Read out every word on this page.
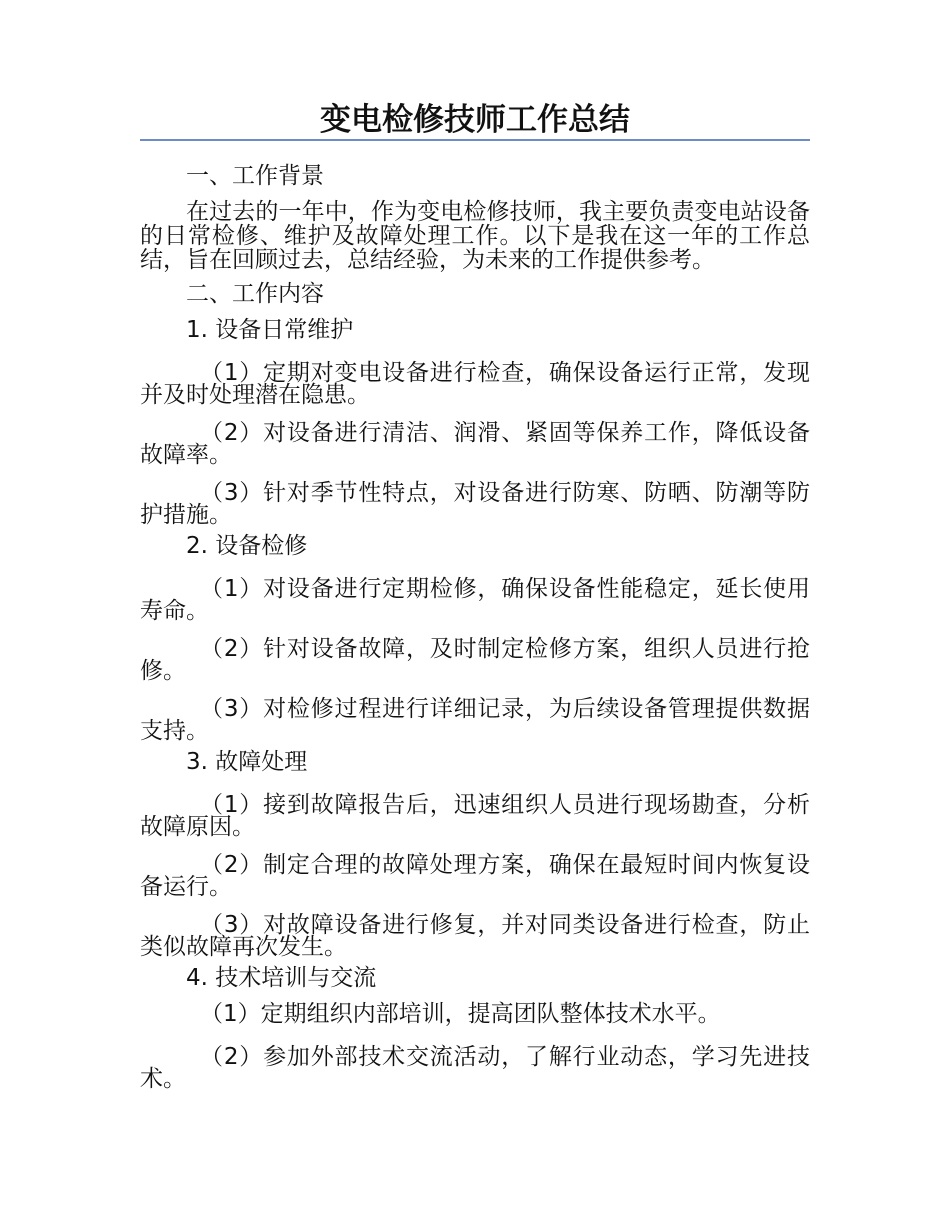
变电检修技师工作总结
一、工作背景
在过去的一年中，作为变电检修技师，我主要负责变电站设备的日常检修、维护及故障处理工作。以下是我在这一年的工作总结，旨在回顾过去，总结经验，为未来的工作提供参考。
二、工作内容
1. 设备日常维护
（1）定期对变电设备进行检查，确保设备运行正常，发现并及时处理潜在隐患。
（2）对设备进行清洁、润滑、紧固等保养工作，降低设备故障率。
（3）针对季节性特点，对设备进行防寒、防晒、防潮等防护措施。
2. 设备检修
（1）对设备进行定期检修，确保设备性能稳定，延长使用寿命。
（2）针对设备故障，及时制定检修方案，组织人员进行抢修。
（3）对检修过程进行详细记录，为后续设备管理提供数据支持。
3. 故障处理
（1）接到故障报告后，迅速组织人员进行现场勘查，分析故障原因。
（2）制定合理的故障处理方案，确保在最短时间内恢复设备运行。
（3）对故障设备进行修复，并对同类设备进行检查，防止类似故障再次发生。
4. 技术培训与交流
（1）定期组织内部培训，提高团队整体技术水平。
（2）参加外部技术交流活动，了解行业动态，学习先进技术。
